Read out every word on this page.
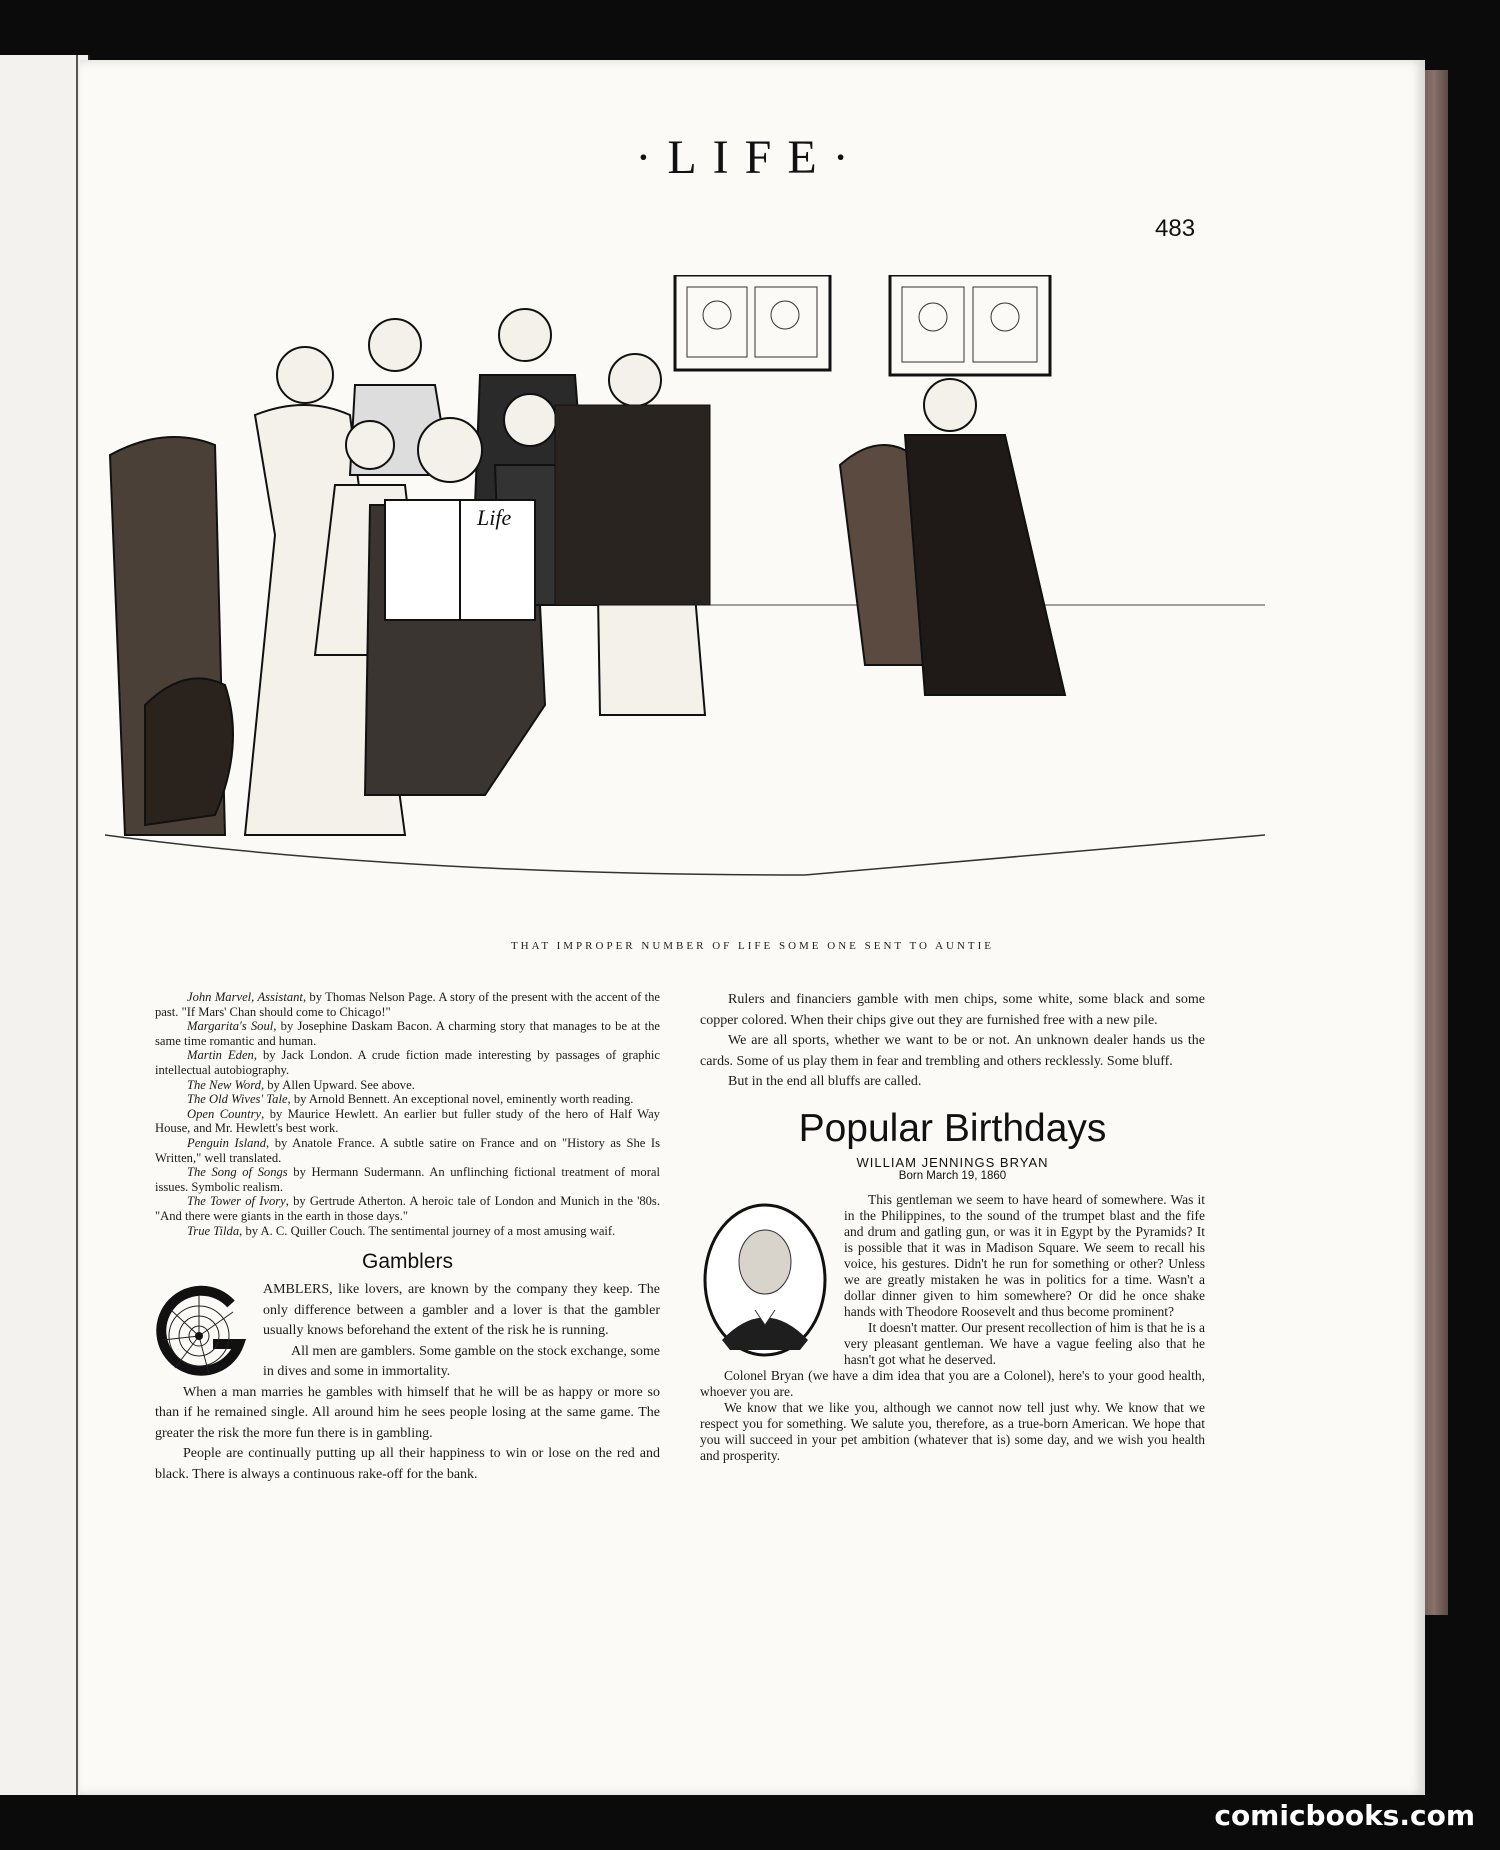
·LIFE·
483
Life
THAT IMPROPER NUMBER OF LIFE SOME ONE SENT TO AUNTIE

John Marvel, Assistant, by Thomas Nelson Page. A story of the present with the accent of the past. "If Mars' Chan should come to Chicago!"

Margarita's Soul, by Josephine Daskam Bacon. A charming story that manages to be at the same time romantic and human.

Martin Eden, by Jack London. A crude fiction made interesting by passages of graphic intellectual autobiography.

The New Word, by Allen Upward. See above.

The Old Wives' Tale, by Arnold Bennett. An exceptional novel, eminently worth reading.

Open Country, by Maurice Hewlett. An earlier but fuller study of the hero of Half Way House, and Mr. Hewlett's best work.

Penguin Island, by Anatole France. A subtle satire on France and on "History as She Is Written," well translated.

The Song of Songs by Hermann Sudermann. An unflinching fictional treatment of moral issues. Symbolic realism.

The Tower of Ivory, by Gertrude Atherton. A heroic tale of London and Munich in the '80s. "And there were giants in the earth in those days."

True Tilda, by A. C. Quiller Couch. The sentimental journey of a most amusing waif.

Gamblers

AMBLERS, like lovers, are known by the company they keep. The only difference between a gambler and a lover is that the gambler usually knows beforehand the extent of the risk he is running.

All men are gamblers. Some gamble on the stock exchange, some in dives and some in immortality.

When a man marries he gambles with himself that he will be as happy or more so than if he remained single. All around him he sees people losing at the same game. The greater the risk the more fun there is in gambling.

People are continually putting up all their happiness to win or lose on the red and black. There is always a continuous rake-off for the bank.

Rulers and financiers gamble with men chips, some white, some black and some copper colored. When their chips give out they are furnished free with a new pile.

We are all sports, whether we want to be or not. An unknown dealer hands us the cards. Some of us play them in fear and trembling and others recklessly. Some bluff.

But in the end all bluffs are called.

Popular Birthdays
WILLIAM JENNINGS BRYAN
Born March 19, 1860

This gentleman we seem to have heard of somewhere. Was it in the Philippines, to the sound of the trumpet blast and the fife and drum and gatling gun, or was it in Egypt by the Pyramids? It is possible that it was in Madison Square. We seem to recall his voice, his gestures. Didn't he run for something or other? Unless we are greatly mistaken he was in politics for a time. Wasn't a dollar dinner given to him somewhere? Or did he once shake hands with Theodore Roosevelt and thus become prominent?

It doesn't matter. Our present recollection of him is that he is a very pleasant gentleman. We have a vague feeling also that he hasn't got what he deserved.

Colonel Bryan (we have a dim idea that you are a Colonel), here's to your good health, whoever you are.

We know that we like you, although we cannot now tell just why. We know that we respect you for something. We salute you, therefore, as a true-born American. We hope that you will succeed in your pet ambition (whatever that is) some day, and we wish you health and prosperity.

comicbooks.com
